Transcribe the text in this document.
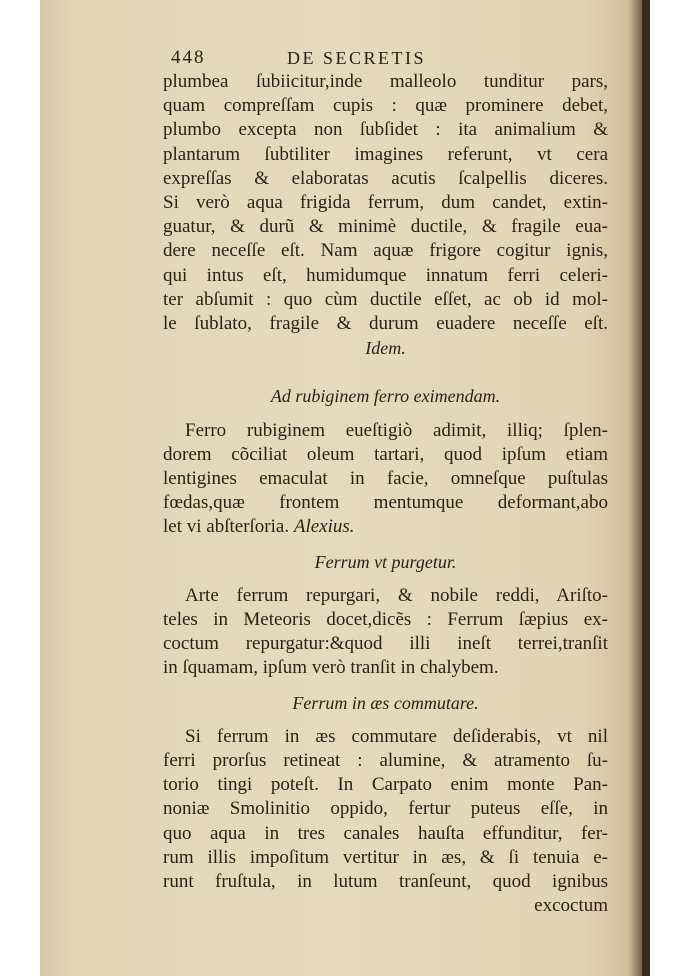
448	DE SECRETIS
plumbea ſubiicitur,inde malleolo tunditur pars,
quam compreſſam cupis : quæ prominere debet,
plumbo excepta non ſubſidet : ita animalium &
plantarum ſubtiliter imagines referunt, vt cera
expreſſas & elaboratas acutis ſcalpellis diceres.
Si verò aqua frigida ferrum, dum candet, extin-
guatur, & durũ & minimè ductile, & fragile eua-
dere neceſſe eſt. Nam aquæ frigore cogitur ignis,
qui intus eſt, humidumque innatum ferri celeri-
ter abſumit : quo cùm ductile eſſet, ac ob id mol-
le ſublato, fragile & durum euadere neceſſe eſt.
Idem.
Ad rubiginem ferro eximendam.
Ferro rubiginem eueſtigiò adimit, illiq; ſplen-
dorem cõciliat oleum tartari, quod ipſum etiam
lentigines emaculat in facie, omneſque puſtulas
fœdas,quæ frontem mentumque deformant,abo
let vi abſterſoria. Alexius.
Ferrum vt purgetur.
Arte ferrum repurgari, & nobile reddi, Ariſto-
teles in Meteoris docet,dicẽs : Ferrum ſæpius ex-
coctum repurgatur:&quod illi ineſt terrei,tranſit
in ſquamam, ipſum verò tranſit in chalybem.
Ferrum in æs commutare.
Si ferrum in æs commutare deſiderabis, vt nil
ferri prorſus retineat : alumine, & atramento ſu-
torio tingi poteſt. In Carpato enim monte Pan-
noniæ Smolinitio oppido, fertur puteus eſſe, in
quo aqua in tres canales hauſta effunditur, fer-
rum illis impoſitum vertitur in æs, & ſi tenuia e-
runt fruſtula, in lutum tranſeunt, quod ignibus
excoctum
